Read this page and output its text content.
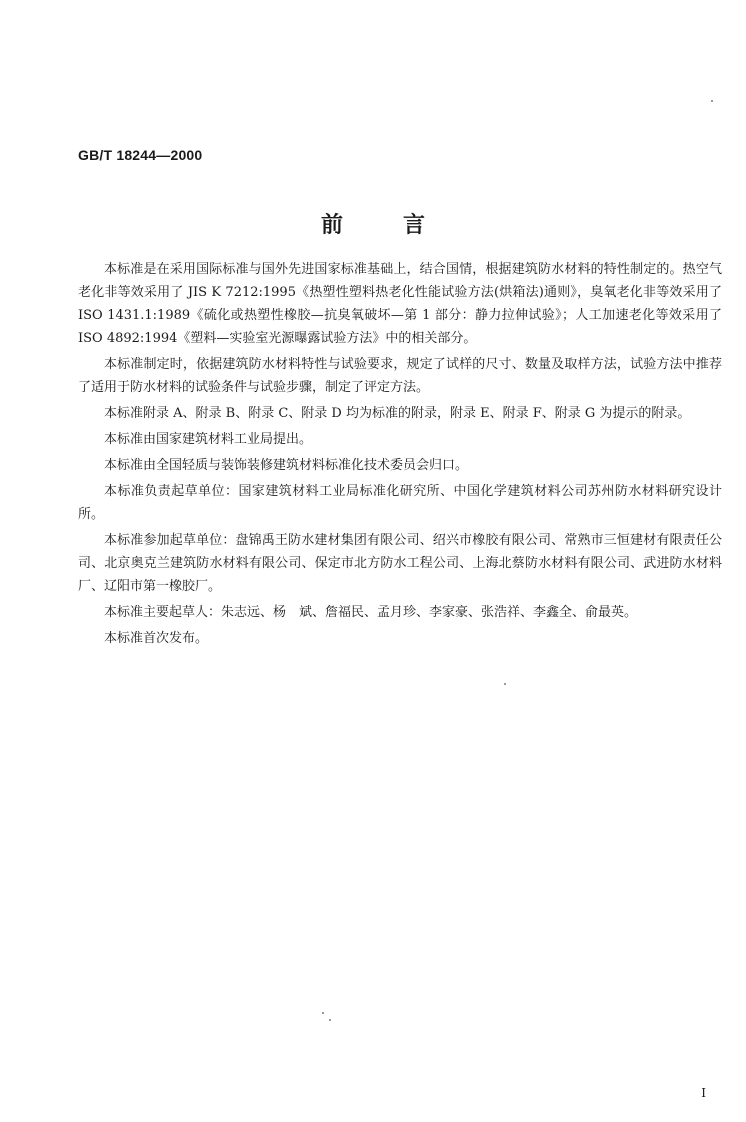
GB/T 18244—2000
前言

本标准是在采用国际标准与国外先进国家标准基础上，结合国情，根据建筑防水材料的特性制定的。热空气老化非等效采用了 JIS K 7212:1995《热塑性塑料热老化性能试验方法(烘箱法)通则》，臭氧老化非等效采用了 ISO 1431.1:1989《硫化或热塑性橡胶—抗臭氧破坏—第 1 部分：静力拉伸试验》；人工加速老化等效采用了 ISO 4892:1994《塑料—实验室光源曝露试验方法》中的相关部分。

本标准制定时，依据建筑防水材料特性与试验要求，规定了试样的尺寸、数量及取样方法，试验方法中推荐了适用于防水材料的试验条件与试验步骤，制定了评定方法。

本标准附录 A、附录 B、附录 C、附录 D 均为标准的附录，附录 E、附录 F、附录 G 为提示的附录。

本标准由国家建筑材料工业局提出。

本标准由全国轻质与装饰装修建筑材料标准化技术委员会归口。

本标准负责起草单位：国家建筑材料工业局标准化研究所、中国化学建筑材料公司苏州防水材料研究设计所。

本标准参加起草单位：盘锦禹王防水建材集团有限公司、绍兴市橡胶有限公司、常熟市三恒建材有限责任公司、北京奥克兰建筑防水材料有限公司、保定市北方防水工程公司、上海北蔡防水材料有限公司、武进防水材料厂、辽阳市第一橡胶厂。

本标准主要起草人：朱志远、杨　斌、詹福民、孟月珍、李家豪、张浩祥、李鑫全、俞最英。

本标准首次发布。

I
